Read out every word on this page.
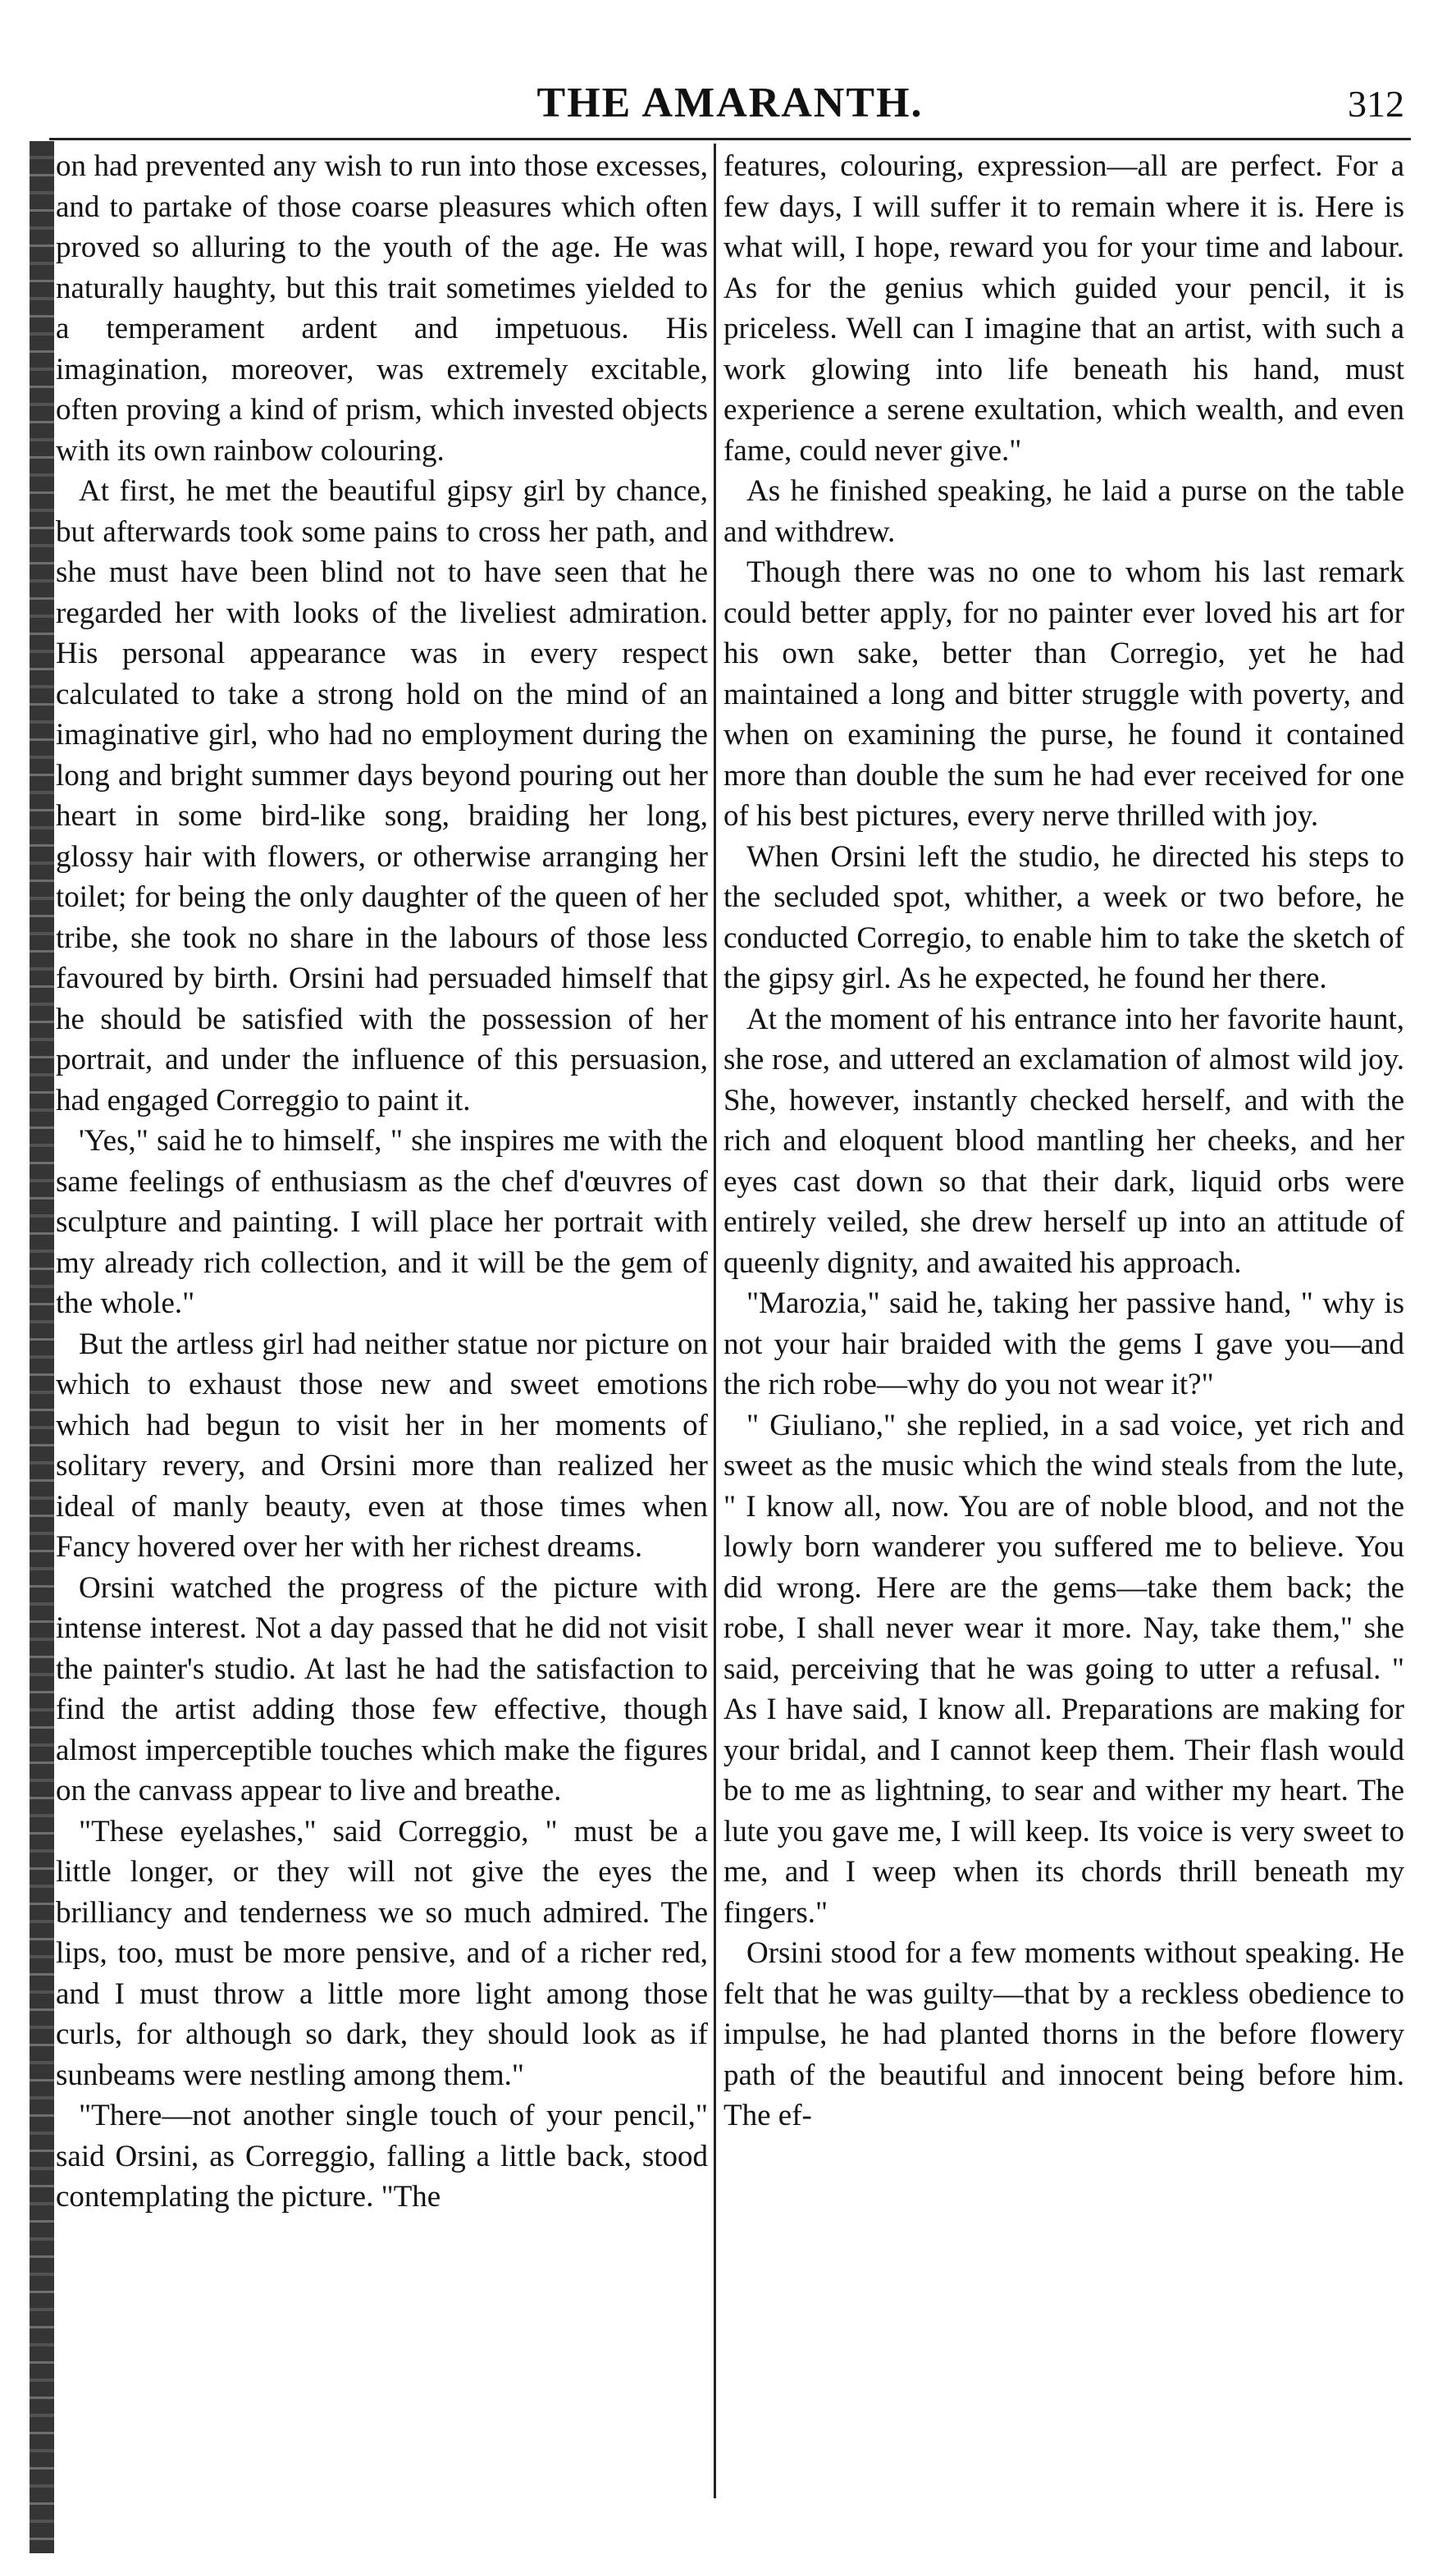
THE AMARANTH.	312

on had prevented any wish to run into those excesses, and to partake of those coarse pleasures which often proved so alluring to the youth of the age. He was naturally haughty, but this trait sometimes yielded to a temperament ardent and impetuous. His imagination, moreover, was extremely excitable, often proving a kind of prism, which invested objects with its own rainbow colouring.

At first, he met the beautiful gipsy girl by chance, but afterwards took some pains to cross her path, and she must have been blind not to have seen that he regarded her with looks of the liveliest admiration. His personal appearance was in every respect calculated to take a strong hold on the mind of an imaginative girl, who had no employment during the long and bright summer days beyond pouring out her heart in some bird-like song, braiding her long, glossy hair with flowers, or otherwise arranging her toilet; for being the only daughter of the queen of her tribe, she took no share in the labours of those less favoured by birth. Orsini had persuaded himself that he should be satisfied with the possession of her portrait, and under the influence of this persuasion, had engaged Correggio to paint it.

'Yes," said he to himself, " she inspires me with the same feelings of enthusiasm as the chef d'œuvres of sculpture and painting. I will place her portrait with my already rich collection, and it will be the gem of the whole."

But the artless girl had neither statue nor picture on which to exhaust those new and sweet emotions which had begun to visit her in her moments of solitary revery, and Orsini more than realized her ideal of manly beauty, even at those times when Fancy hovered over her with her richest dreams.

Orsini watched the progress of the picture with intense interest. Not a day passed that he did not visit the painter's studio. At last he had the satisfaction to find the artist adding those few effective, though almost imperceptible touches which make the figures on the canvass appear to live and breathe.

"These eyelashes," said Correggio, " must be a little longer, or they will not give the eyes the brilliancy and tenderness we so much admired. The lips, too, must be more pensive, and of a richer red, and I must throw a little more light among those curls, for although so dark, they should look as if sunbeams were nestling among them."

"There—not another single touch of your pencil," said Orsini, as Correggio, falling a little back, stood contemplating the picture. "The

features, colouring, expression—all are perfect. For a few days, I will suffer it to remain where it is. Here is what will, I hope, reward you for your time and labour. As for the genius which guided your pencil, it is priceless. Well can I imagine that an artist, with such a work glowing into life beneath his hand, must experience a serene exultation, which wealth, and even fame, could never give."

As he finished speaking, he laid a purse on the table and withdrew.

Though there was no one to whom his last remark could better apply, for no painter ever loved his art for his own sake, better than Corregio, yet he had maintained a long and bitter struggle with poverty, and when on examining the purse, he found it contained more than double the sum he had ever received for one of his best pictures, every nerve thrilled with joy.

When Orsini left the studio, he directed his steps to the secluded spot, whither, a week or two before, he conducted Corregio, to enable him to take the sketch of the gipsy girl. As he expected, he found her there.

At the moment of his entrance into her favorite haunt, she rose, and uttered an exclamation of almost wild joy. She, however, instantly checked herself, and with the rich and eloquent blood mantling her cheeks, and her eyes cast down so that their dark, liquid orbs were entirely veiled, she drew herself up into an attitude of queenly dignity, and awaited his approach.

"Marozia," said he, taking her passive hand, " why is not your hair braided with the gems I gave you—and the rich robe—why do you not wear it?"

" Giuliano," she replied, in a sad voice, yet rich and sweet as the music which the wind steals from the lute, " I know all, now. You are of noble blood, and not the lowly born wanderer you suffered me to believe. You did wrong. Here are the gems—take them back; the robe, I shall never wear it more. Nay, take them," she said, perceiving that he was going to utter a refusal. " As I have said, I know all. Preparations are making for your bridal, and I cannot keep them. Their flash would be to me as lightning, to sear and wither my heart. The lute you gave me, I will keep. Its voice is very sweet to me, and I weep when its chords thrill beneath my fingers."

Orsini stood for a few moments without speaking. He felt that he was guilty—that by a reckless obedience to impulse, he had planted thorns in the before flowery path of the beautiful and innocent being before him. The ef-
